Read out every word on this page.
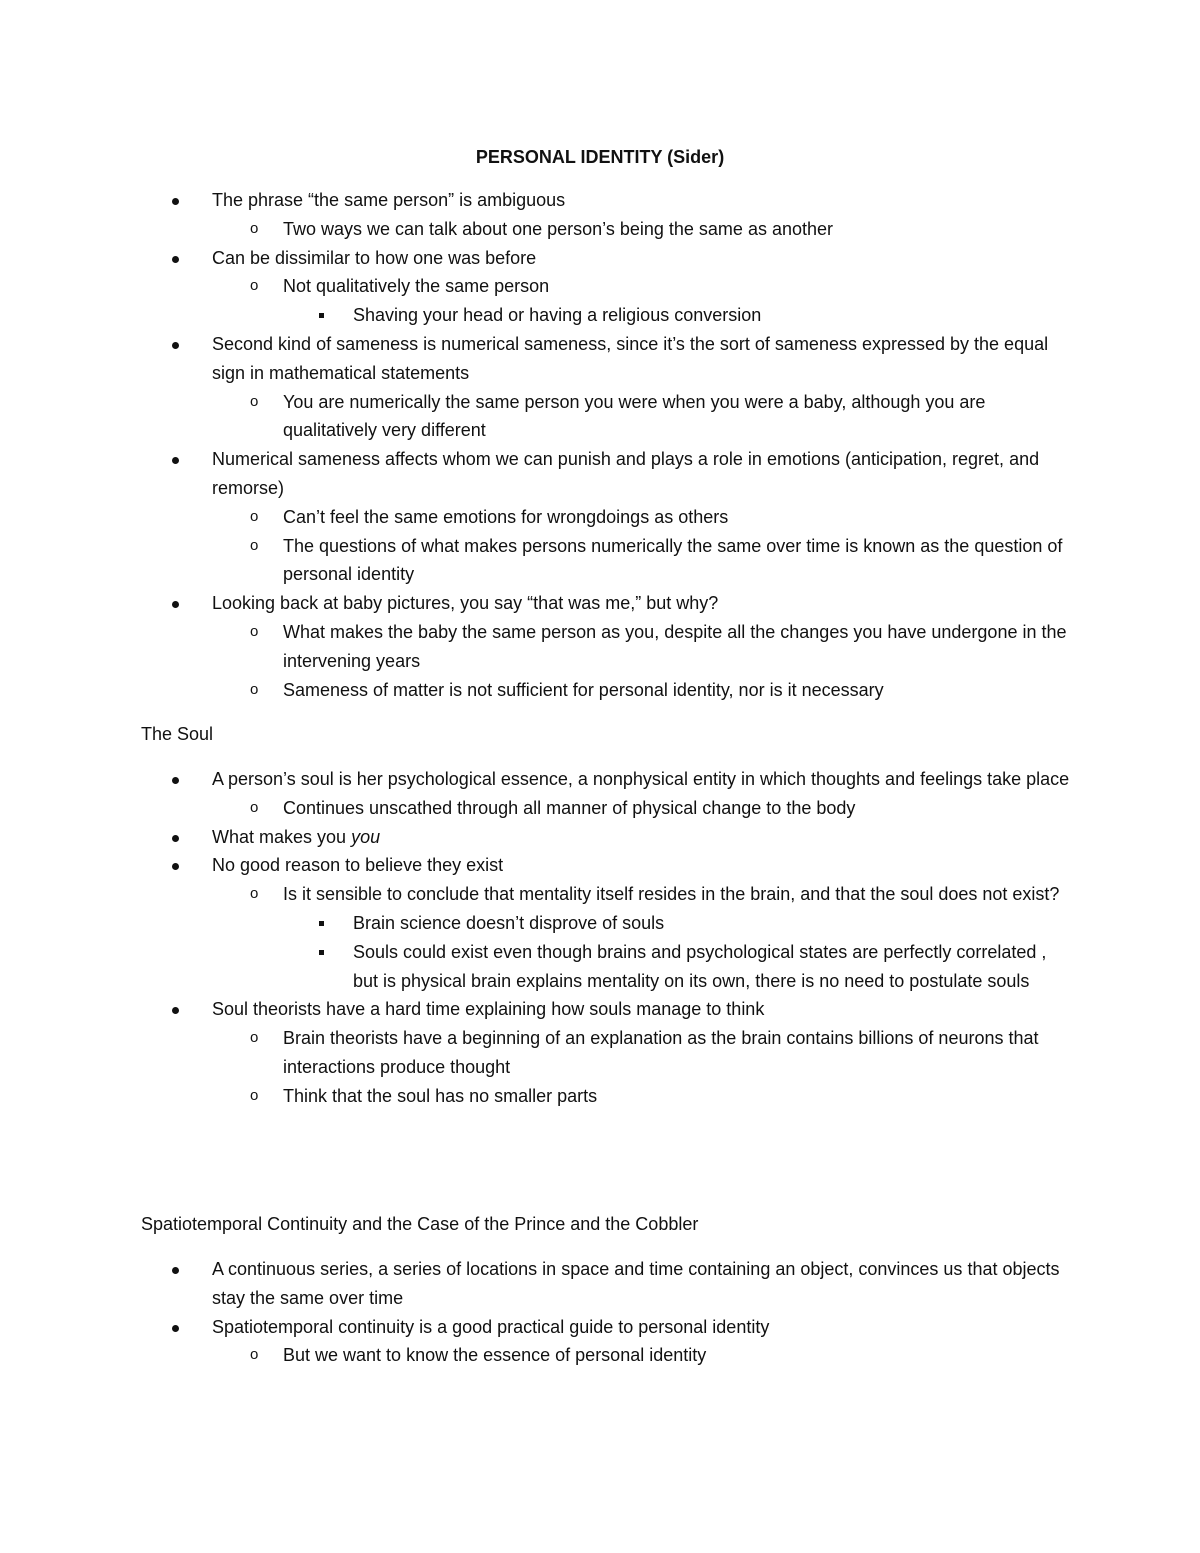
PERSONAL IDENTITY (Sider)
The phrase “the same person” is ambiguous
o Two ways we can talk about one person’s being the same as another
Can be dissimilar to how one was before
o Not qualitatively the same person
Shaving your head or having a religious conversion
Second kind of sameness is numerical sameness, since it’s the sort of sameness expressed by the equal sign in mathematical statements
o You are numerically the same person you were when you were a baby, although you are qualitatively very different
Numerical sameness affects whom we can punish and plays a role in emotions (anticipation, regret, and remorse)
o Can’t feel the same emotions for wrongdoings as others
o The questions of what makes persons numerically the same over time is known as the question of personal identity
Looking back at baby pictures, you say “that was me,” but why?
o What makes the baby the same person as you, despite all the changes you have undergone in the intervening years
o Sameness of matter is not sufficient for personal identity, nor is it necessary

The Soul

A person’s soul is her psychological essence, a nonphysical entity in which thoughts and feelings take place
o Continues unscathed through all manner of physical change to the body
What makes you you
No good reason to believe they exist
o Is it sensible to conclude that mentality itself resides in the brain, and that the soul does not exist?
Brain science doesn’t disprove of souls
Souls could exist even though brains and psychological states are perfectly correlated , but is physical brain explains mentality on its own, there is no need to postulate souls
Soul theorists have a hard time explaining how souls manage to think
o Brain theorists have a beginning of an explanation as the brain contains billions of neurons that interactions produce thought
o Think that the soul has no smaller parts

Spatiotemporal Continuity and the Case of the Prince and the Cobbler

A continuous series, a series of locations in space and time containing an object, convinces us that objects stay the same over time
Spatiotemporal continuity is a good practical guide to personal identity
o But we want to know the essence of personal identity
